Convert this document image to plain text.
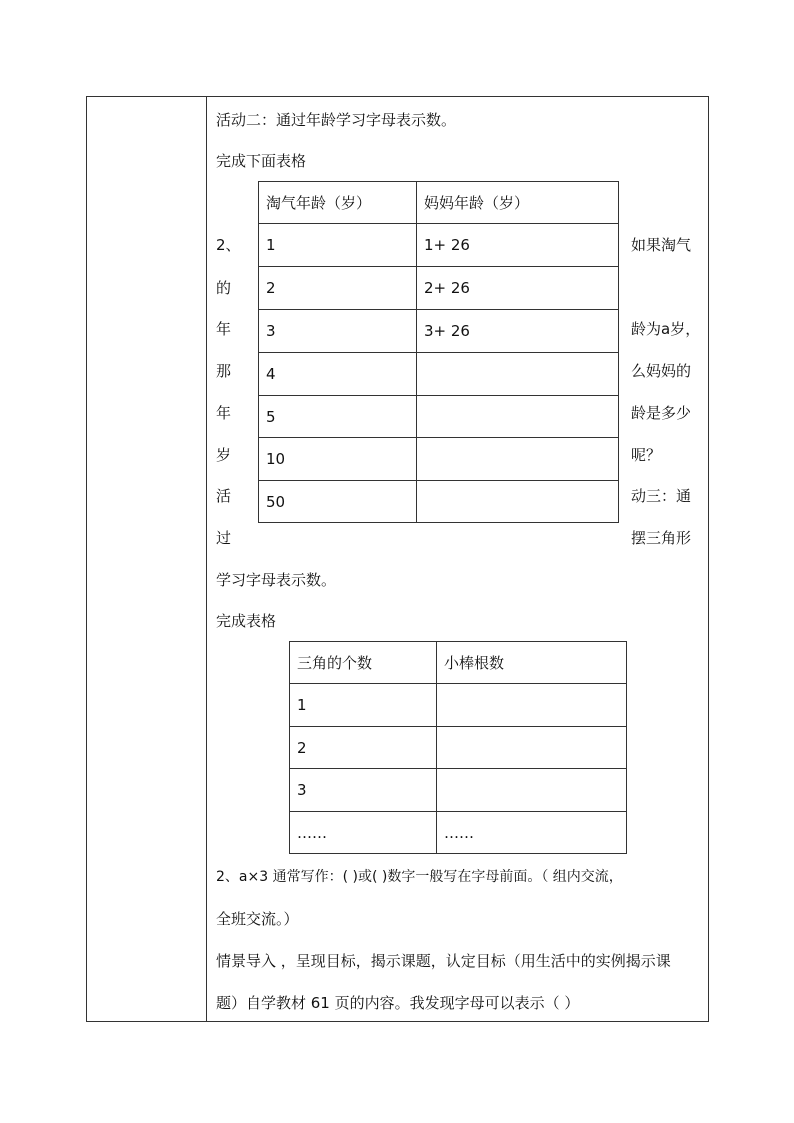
活动二：通过年龄学习字母表示数。
完成下面表格
淘气年龄（岁）	妈妈年龄（岁）
1	1+ 26
2	2+ 26
3	3+ 26
4	
5	
10	
50	
2、
的
年
那
年
岁
活
过
如果淘气
龄为a岁，
么妈妈的
龄是多少
呢？
动三：通
摆三角形
学习字母表示数。
完成表格
三角的个数	小棒根数
1	
2	
3	
……	……
2、a×3 通常写作：( )或( )数字一般写在字母前面。（ 组内交流，
全班交流。）
情景导入 ，呈现目标，揭示课题，认定目标（用生活中的实例揭示课
题）自学教材 61 页的内容。我发现字母可以表示（ ）
